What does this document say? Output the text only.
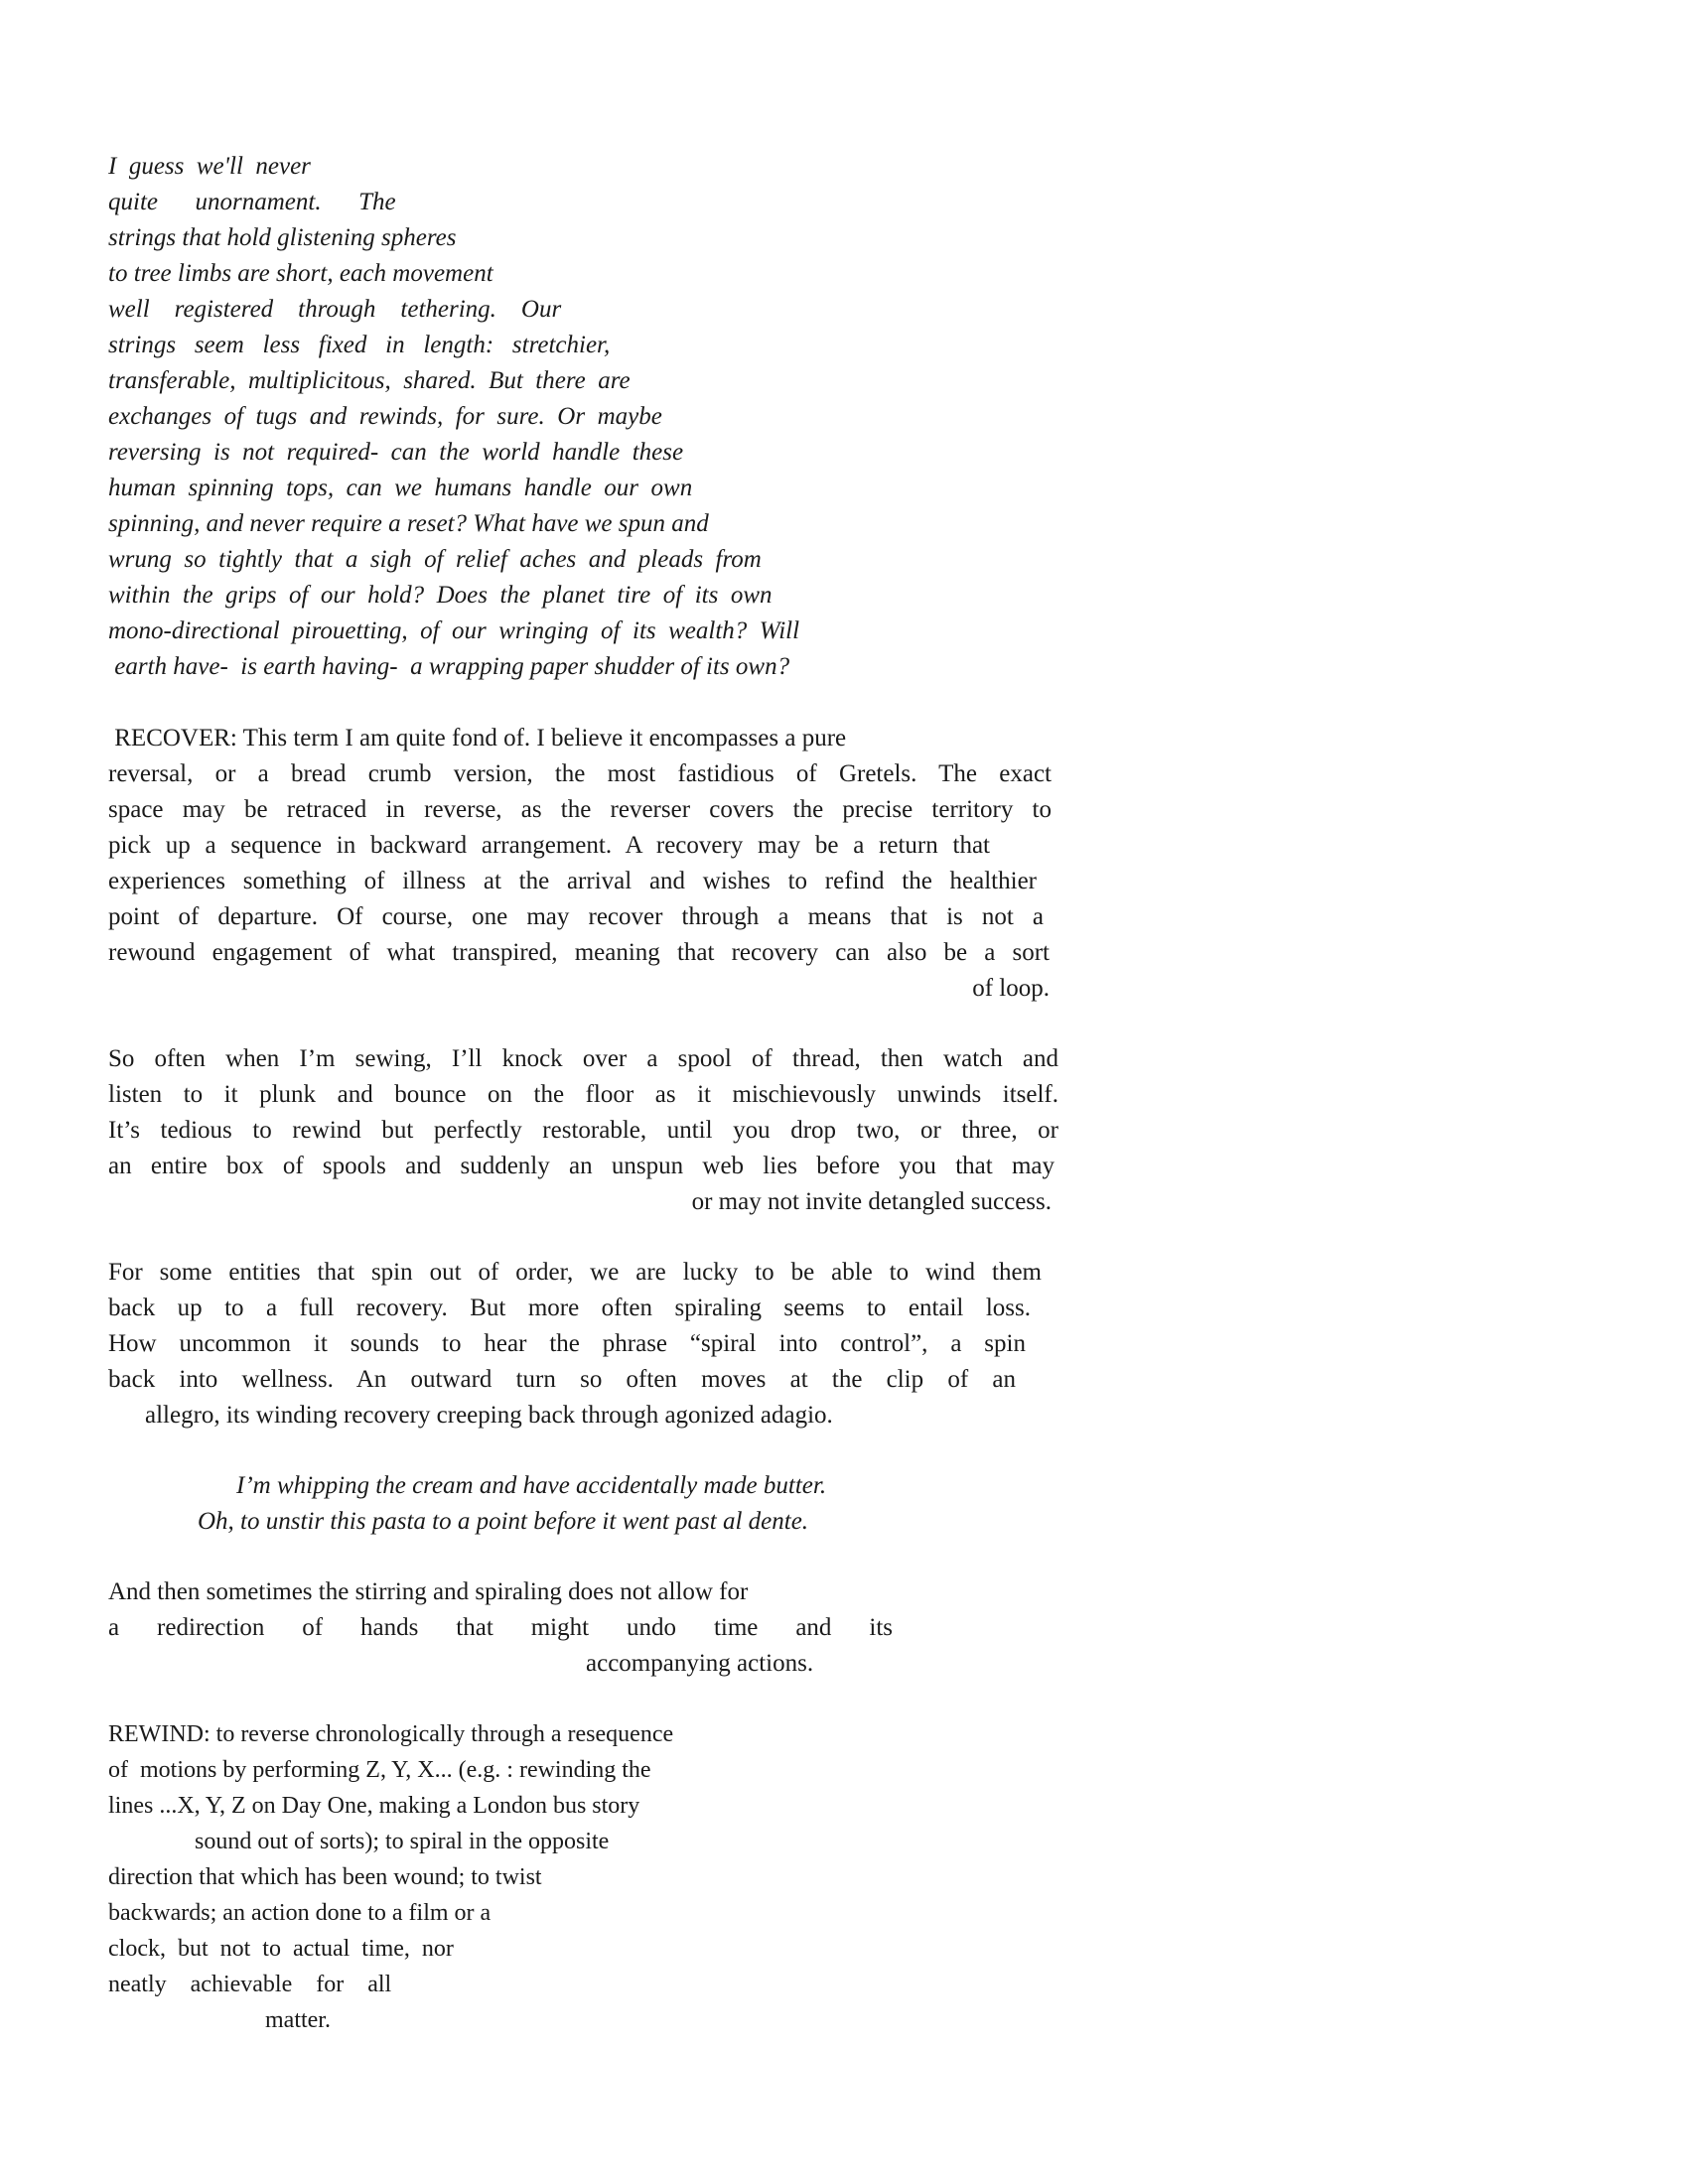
I  guess  we'll  never

quite      unornament.      The

strings that hold glistening spheres

to tree limbs are short, each movement

well    registered    through    tethering.    Our

strings   seem   less   fixed   in   length:   stretchier,

transferable,  multiplicitous,  shared.  But  there  are

exchanges  of  tugs  and  rewinds,  for  sure.  Or  maybe

reversing  is  not  required-  can  the  world  handle  these

human  spinning  tops,  can  we  humans  handle  our  own

spinning, and never require a reset? What have we spun and

wrung  so  tightly  that  a  sigh  of  relief  aches  and  pleads  from

within  the  grips  of  our  hold?  Does  the  planet  tire  of  its  own

mono-directional  pirouetting,  of  our  wringing  of  its  wealth?  Will

earth have-  is earth having-  a wrapping paper shudder of its own?

RECOVER: This term I am quite fond of. I believe it encompasses a pure

reversal, or a bread crumb version, the most fastidious of Gretels. The exact

space may be retraced in reverse, as the reverser covers the precise territory to

pick up a sequence in backward arrangement. A recovery may be a return that

experiences something of illness at the arrival and wishes to refind the healthier

point of departure. Of course, one may recover through a means that is not a

rewound engagement of what transpired, meaning that recovery can also be a sort

of loop.

So often when I’m sewing, I’ll knock over a spool of thread, then watch and

listen to it plunk and bounce on the floor as it mischievously unwinds itself.

It’s tedious to rewind but perfectly restorable, until you drop two, or three, or

an entire box of spools and suddenly an unspun web lies before you that may

or may not invite detangled success.

For some entities that spin out of order, we are lucky to be able to wind them

back up to a full recovery. But more often spiraling seems to entail loss.

How uncommon it sounds to hear the phrase “spiral into control”, a spin

back into wellness. An outward turn so often moves at the clip of an

allegro, its winding recovery creeping back through agonized adagio.

I’m whipping the cream and have accidentally made butter.

Oh, to unstir this pasta to a point before it went past al dente.

And then sometimes the stirring and spiraling does not allow for

a redirection of hands that might undo time and its

accompanying actions.

REWIND: to reverse chronologically through a resequence

of  motions by performing Z, Y, X... (e.g. : rewinding the

lines ...X, Y, Z on Day One, making a London bus story

sound out of sorts); to spiral in the opposite

direction that which has been wound; to twist

backwards; an action done to a film or a

clock,  but  not  to  actual  time,  nor

neatly    achievable    for    all

matter.
